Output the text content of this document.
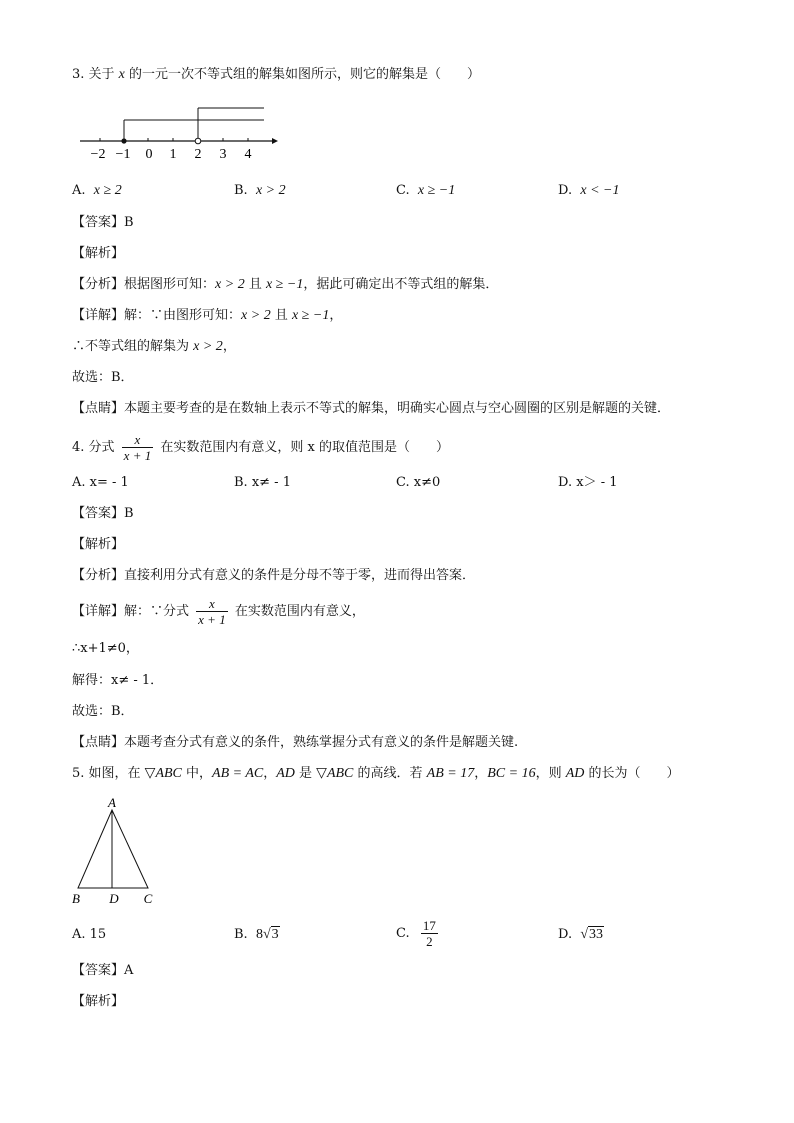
3. 关于 x 的一元一次不等式组的解集如图所示，则它的解集是（　　）
−2 −1 0 1 2 3 4
A. x ≥ 2	B. x > 2	C. x ≥ −1	D. x < −1
【答案】B
【解析】
【分析】根据图形可知：x > 2 且 x ≥ −1，据此可确定出不等式组的解集．
【详解】解：∵由图形可知：x > 2 且 x ≥ −1，
∴不等式组的解集为 x > 2，
故选：B．
【点睛】本题主要考查的是在数轴上表示不等式的解集，明确实心圆点与空心圆圈的区别是解题的关键．
4. 分式 $\frac{x}{x + 1}$ 在实数范围内有意义，则 x 的取值范围是（　　）
A. x= - 1	B. x≠ - 1	C. x≠0	D. x＞ - 1
【答案】B
【解析】
【分析】直接利用分式有意义的条件是分母不等于零，进而得出答案．
【详解】解：∵分式 $\frac{x}{x + 1}$ 在实数范围内有意义，
∴x+1≠0，
解得：x≠ - 1．
故选：B．
【点睛】本题考查分式有意义的条件，熟练掌握分式有意义的条件是解题关键.
5. 如图，在 ▽ABC 中，AB = AC，AD 是 ▽ABC 的高线．若 AB = 17，BC = 16，则 AD 的长为（　　）
A
B D C
A. 15	B. 8√3	C. $\frac{17}{2}$	D. √33
【答案】A
【解析】
